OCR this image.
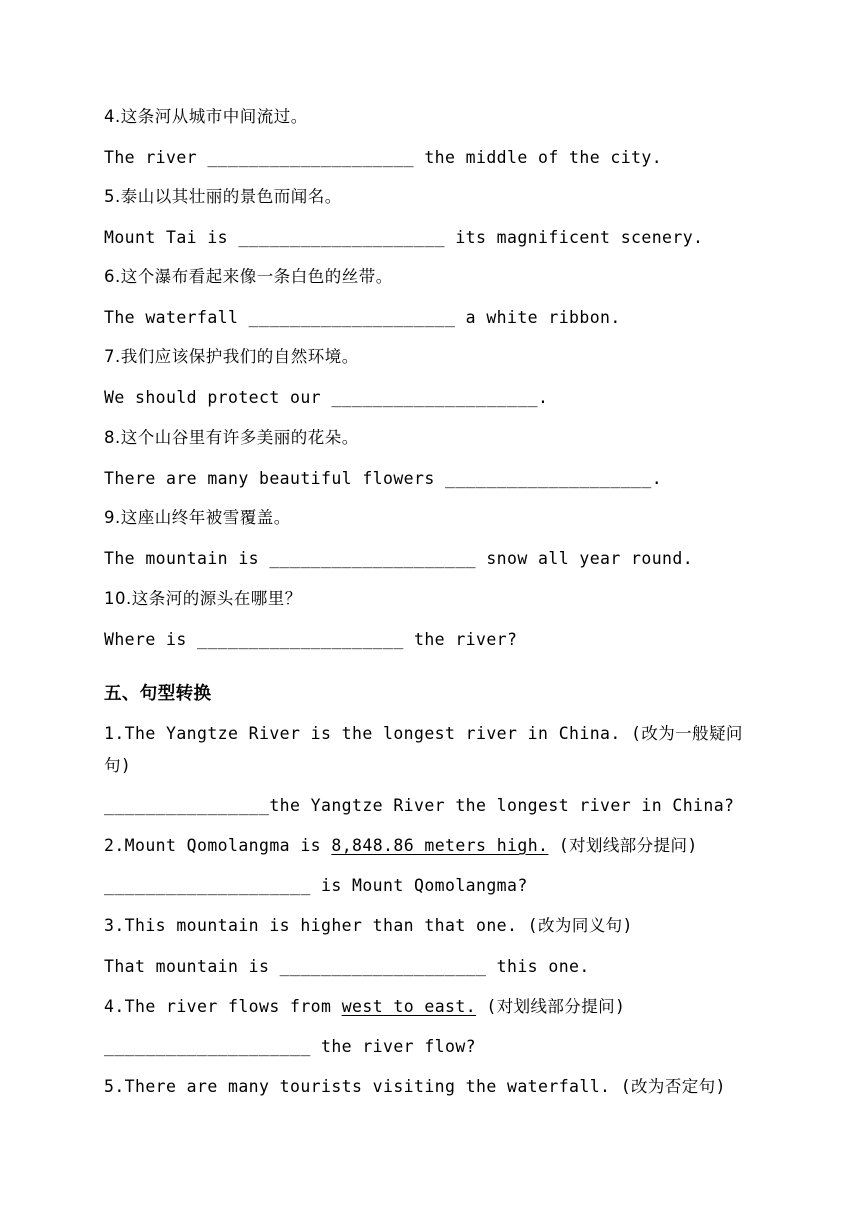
4.这条河从城市中间流过。
The river ____________________ the middle of the city.
5.泰山以其壮丽的景色而闻名。
Mount Tai is ____________________ its magnificent scenery.
6.这个瀑布看起来像一条白色的丝带。
The waterfall ____________________ a white ribbon.
7.我们应该保护我们的自然环境。
We should protect our ____________________.
8.这个山谷里有许多美丽的花朵。
There are many beautiful flowers ____________________.
9.这座山终年被雪覆盖。
The mountain is ____________________ snow all year round.
10.这条河的源头在哪里？
Where is ____________________ the river?
五、句型转换
1.The Yangtze River is the longest river in China. (改为一般疑问
句)
________________the Yangtze River the longest river in China?
2.Mount Qomolangma is 8,848.86 meters high. (对划线部分提问)
____________________ is Mount Qomolangma?
3.This mountain is higher than that one. (改为同义句)
That mountain is ____________________ this one.
4.The river flows from west to east. (对划线部分提问)
____________________ the river flow?
5.There are many tourists visiting the waterfall. (改为否定句)
